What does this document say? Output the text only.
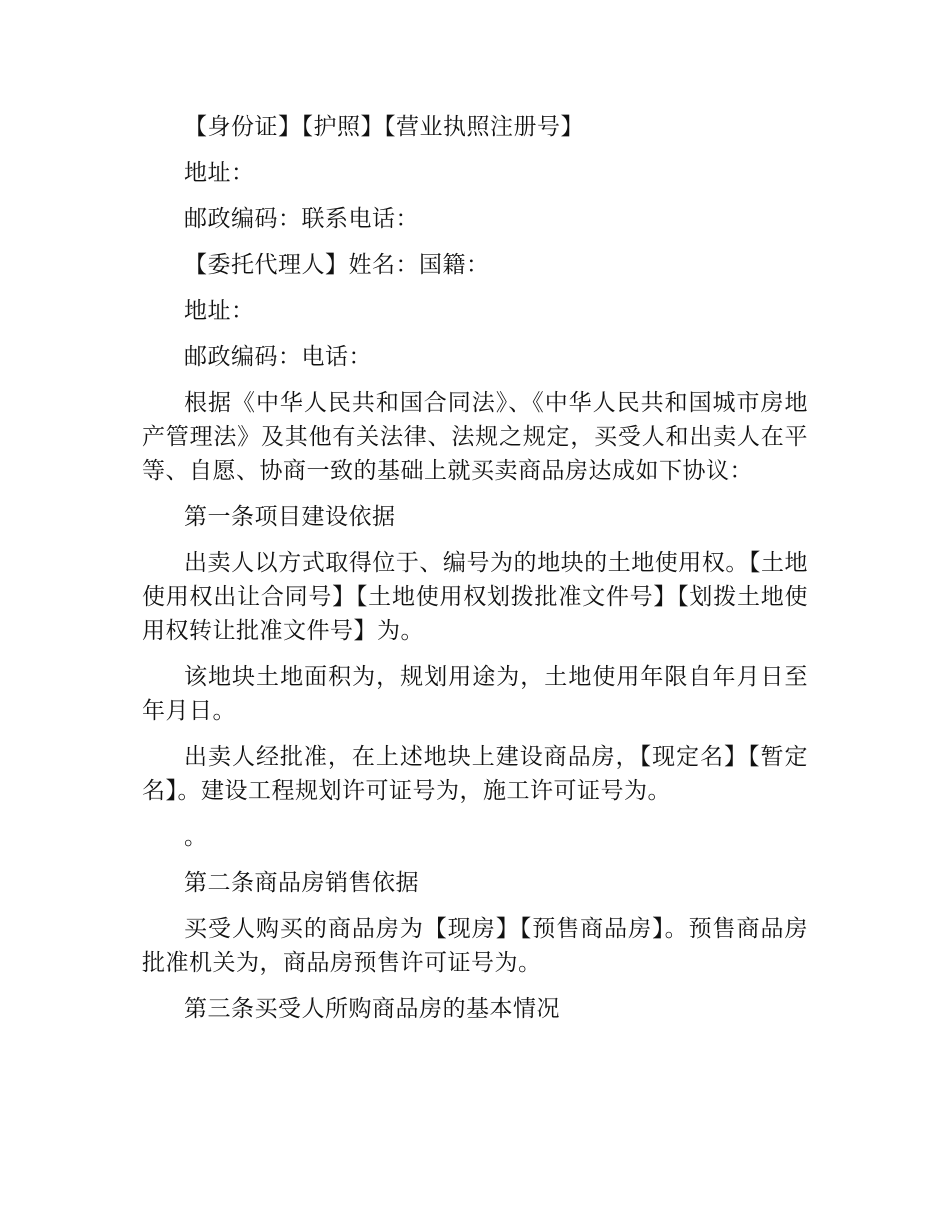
【身份证】【护照】【营业执照注册号】

地址：

邮政编码：联系电话：

【委托代理人】姓名：国籍：

地址：

邮政编码：电话：

根据《中华人民共和国合同法》、《中华人民共和国城市房地产管理法》及其他有关法律、法规之规定，买受人和出卖人在平等、自愿、协商一致的基础上就买卖商品房达成如下协议：

第一条项目建设依据

出卖人以方式取得位于、编号为的地块的土地使用权。【土地使用权出让合同号】【土地使用权划拨批准文件号】【划拨土地使用权转让批准文件号】为。

该地块土地面积为，规划用途为，土地使用年限自年月日至年月日。

出卖人经批准，在上述地块上建设商品房，【现定名】【暂定名】。建设工程规划许可证号为，施工许可证号为。

。

第二条商品房销售依据

买受人购买的商品房为【现房】【预售商品房】。预售商品房批准机关为，商品房预售许可证号为。

第三条买受人所购商品房的基本情况
